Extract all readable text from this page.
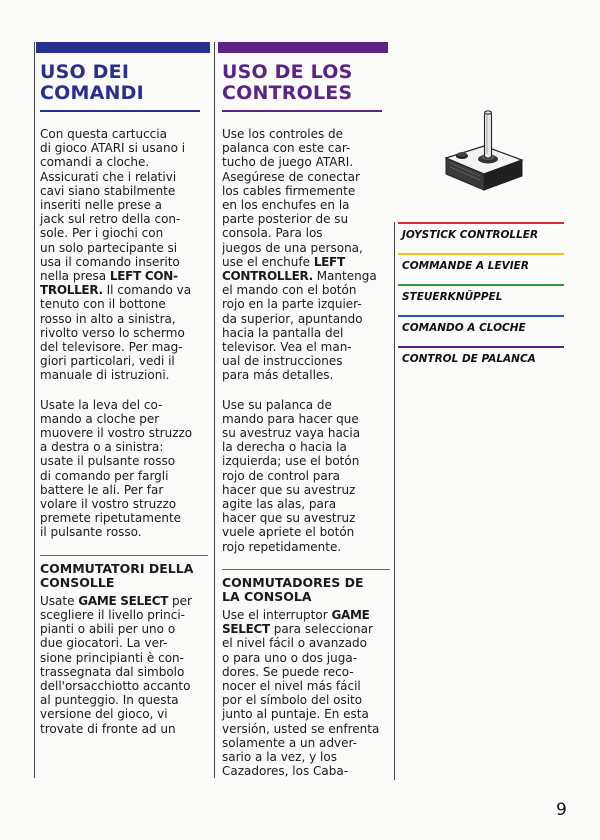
USO DEI
COMANDI

Con questa cartuccia
di gioco ATARI si usano i
comandi a cloche.
Assicurati che i relativi
cavi siano stabilmente
inseriti nelle prese a
jack sul retro della con-
sole. Per i giochi con
un solo partecipante si
usa il comando inserito
nella presa LEFT CON-
TROLLER. Il comando va
tenuto con il bottone
rosso in alto a sinistra,
rivolto verso lo schermo
del televisore. Per mag-
giori particolari, vedi il
manuale di istruzioni.

Usate la leva del co-
mando a cloche per
muovere il vostro struzzo
a destra o a sinistra:
usate il pulsante rosso
di comando per fargli
battere le ali. Per far
volare il vostro struzzo
premete ripetutamente
il pulsante rosso.

COMMUTATORI DELLA
CONSOLLE

Usate GAME SELECT per
scegliere il livello princi-
pianti o abili per uno o
due giocatori. La ver-
sione principianti è con-
trassegnata dal simbolo
dell'orsacchiotto accanto
al punteggio. In questa
versione del gioco, vi
trovate di fronte ad un

USO DE LOS
CONTROLES

Use los controles de
palanca con este car-
tucho de juego ATARI.
Asegúrese de conectar
los cables firmemente
en los enchufes en la
parte posterior de su
consola. Para los
juegos de una persona,
use el enchufe LEFT
CONTROLLER. Mantenga
el mando con el botón
rojo en la parte izquier-
da superior, apuntando
hacia la pantalla del
televisor. Vea el man-
ual de instrucciones
para más detalles.

Use su palanca de
mando para hacer que
su avestruz vaya hacia
la derecha o hacia la
izquierda; use el botón
rojo de control para
hacer que su avestruz
agite las alas, para
hacer que su avestruz
vuele apriete el botón
rojo repetidamente.

CONMUTADORES DE
LA CONSOLA

Use el interruptor GAME
SELECT para seleccionar
el nivel fácil o avanzado
o para uno o dos juga-
dores. Se puede reco-
nocer el nivel más fácil
por el símbolo del osito
junto al puntaje. En esta
versión, usted se enfrenta
solamente a un adver-
sario a la vez, y los
Cazadores, los Caba-

JOYSTICK CONTROLLER
COMMANDE A LEVIER
STEUERKNÜPPEL
COMANDO A CLOCHE
CONTROL DE PALANCA
9
